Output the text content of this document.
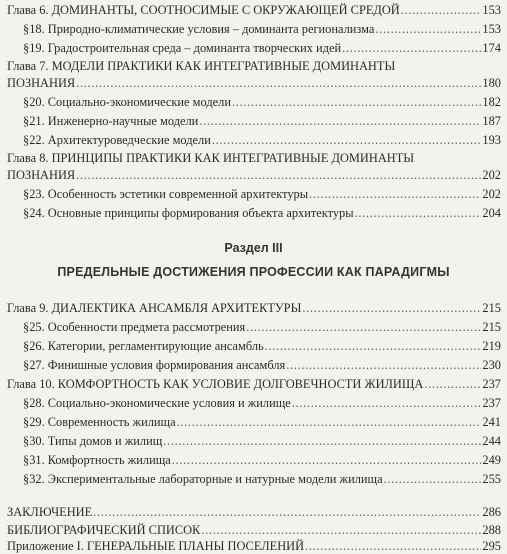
Глава 6. ДОМИНАНТЫ, СООТНОСИМЫЕ С ОКРУЖАЮЩЕЙ СРЕДОЙ . . .	153
§18. Природно-климатические условия – доминанта регионализма . . .	153
§19. Градостроительная среда – доминанта творческих идей . . .	174
Глава 7. МОДЕЛИ ПРАКТИКИ КАК ИНТЕГРАТИВНЫЕ ДОМИНАНТЫ
ПОЗНАНИЯ . . .	180
§20. Социально-экономические модели . . .	182
§21. Инженерно-научные модели . . .	187
§22. Архитектуроведческие модели . . .	193
Глава 8. ПРИНЦИПЫ ПРАКТИКИ КАК ИНТЕГРАТИВНЫЕ ДОМИНАНТЫ
ПОЗНАНИЯ . . .	202
§23. Особенность эстетики современной архитектуры . . .	202
§24. Основные принципы формирования объекта архитектуры . . .	204
Раздел III
ПРЕДЕЛЬНЫЕ ДОСТИЖЕНИЯ ПРОФЕССИИ КАК ПАРАДИГМЫ
Глава 9. ДИАЛЕКТИКА АНСАМБЛЯ АРХИТЕКТУРЫ . . .	215
§25. Особенности предмета рассмотрения . . .	215
§26. Категории, регламентирующие ансамбль . . .	219
§27. Финишные условия формирования ансамбля . . .	230
Глава 10. КОМФОРТНОСТЬ КАК УСЛОВИЕ ДОЛГОВЕЧНОСТИ ЖИЛИЩА . . .	237
§28. Социально-экономические условия и жилище . . .	237
§29. Современность жилища . . .	241
§30. Типы домов и жилищ . . .	244
§31. Комфортность жилища . . .	249
§32. Экспериментальные лабораторные и натурные модели жилища . . .	255
ЗАКЛЮЧЕНИЕ . . .	286
БИБЛИОГРАФИЧЕСКИЙ СПИСОК . . .	288
Приложение I. ГЕНЕРАЛЬНЫЕ ПЛАНЫ ПОСЕЛЕНИЙ . . .	295
